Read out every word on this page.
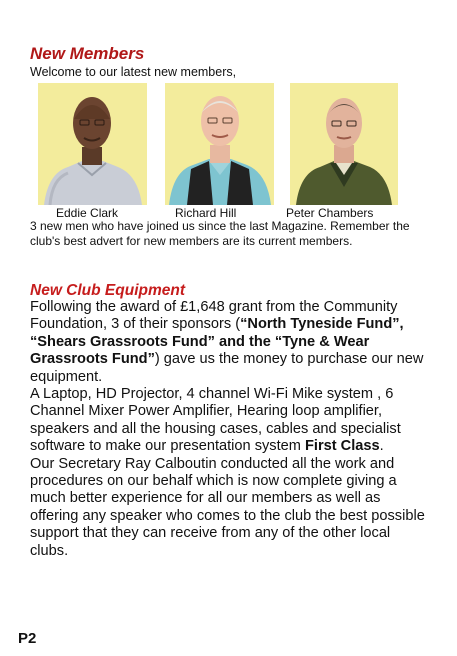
New Members

Welcome to our latest new members,

Eddie Clark	Richard Hill	Peter Chambers

3 new men who have joined us since the last Magazine. Remember the club's best advert for new members are its current members.

New Club Equipment

Following the award of £1,648 grant from the Community Foundation, 3 of their sponsors (“North Tyneside Fund”, “Shears Grassroots Fund” and the “Tyne & Wear Grassroots Fund”) gave us the money to purchase our new equipment.

A Laptop, HD Projector, 4 channel Wi-Fi Mike system , 6 Channel Mixer Power Amplifier, Hearing loop amplifier, speakers and all the housing cases, cables and specialist software to make our presentation system First Class.

Our Secretary Ray Calboutin conducted all the work and procedures on our behalf which is now complete giving a much better experience for all our members as well as offering any speaker who comes to the club the best possible support that they can receive from any of the other local clubs.

P2
